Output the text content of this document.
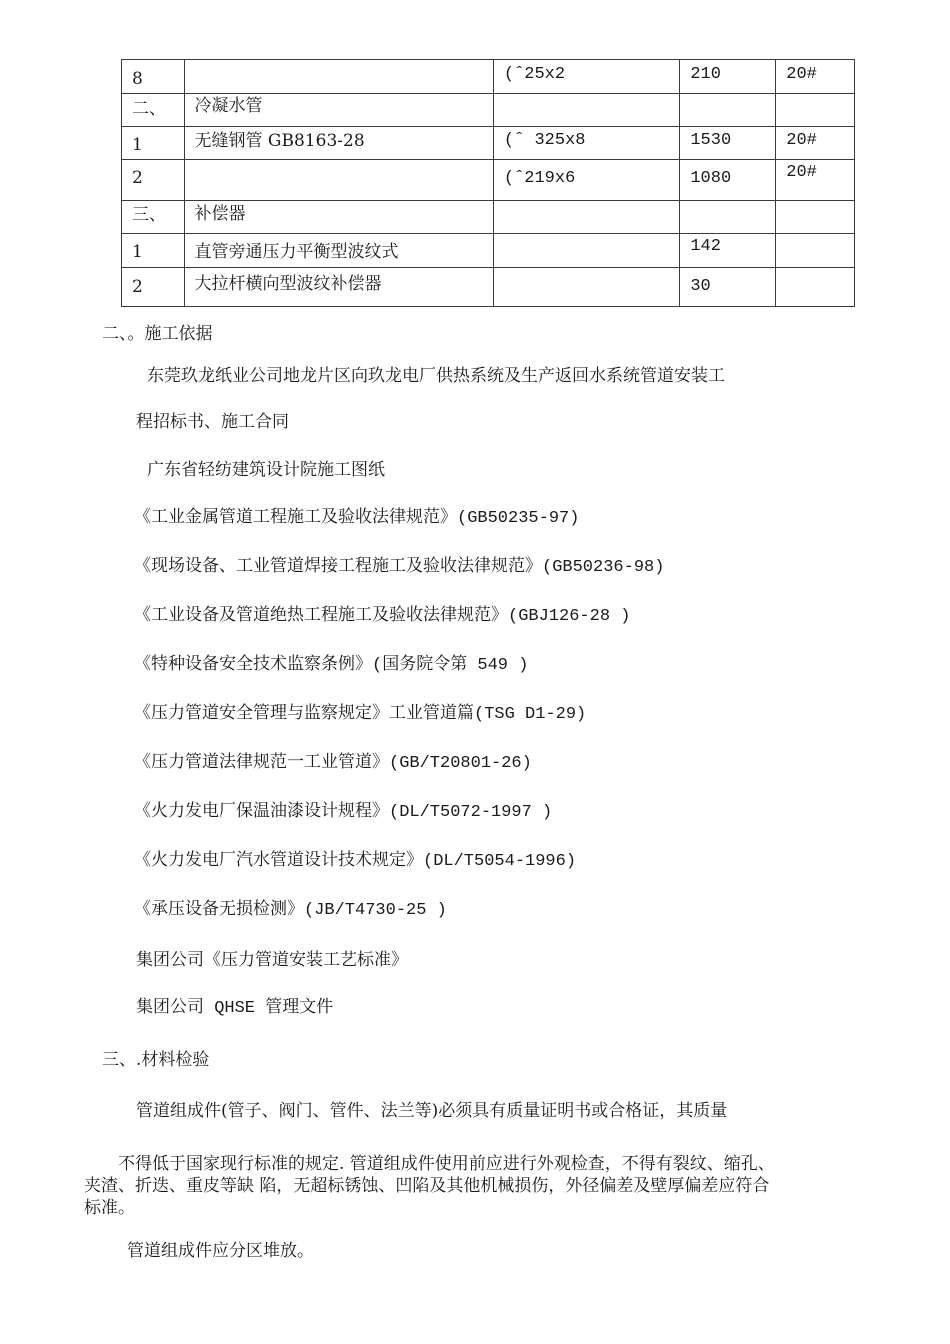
8		(ˆ25x2	210	20#
二、	冷凝水管			
1	无缝钢管 GB8163-28	(ˆ 325x8	1530	20#
2		(ˆ219x6	1080	20#
三、	补偿器			
1	直管旁通压力平衡型波纹式		142	
2	大拉杆横向型波纹补偿器		30	
二、。施工依据
东莞玖龙纸业公司地龙片区向玖龙电厂供热系统及生产返回水系统管道安装工
程招标书、施工合同
广东省轻纺建筑设计院施工图纸
《工业金属管道工程施工及验收法律规范》(GB50235-97)
《现场设备、工业管道焊接工程施工及验收法律规范》(GB50236-98)
《工业设备及管道绝热工程施工及验收法律规范》(GBJ126-28 )
《特种设备安全技术监察条例》(国务院令第 549 )
《压力管道安全管理与监察规定》工业管道篇(TSG D1-29)
《压力管道法律规范一工业管道》(GB/T20801-26)
《火力发电厂保温油漆设计规程》(DL/T5072-1997 )
《火力发电厂汽水管道设计技术规定》(DL/T5054-1996)
《承压设备无损检测》(JB/T4730-25 )
集团公司《压力管道安装工艺标准》
集团公司 QHSE 管理文件
三、.材料检验
管道组成件(管子、阀门、管件、法兰等)必须具有质量证明书或合格证，其质量
　　不得低于国家现行标准的规定. 管道组成件使用前应进行外观检查，不得有裂纹、缩孔、
夹渣、折迭、重皮等缺 陷，无超标锈蚀、凹陷及其他机械损伤，外径偏差及壁厚偏差应符合
标准。
管道组成件应分区堆放。
